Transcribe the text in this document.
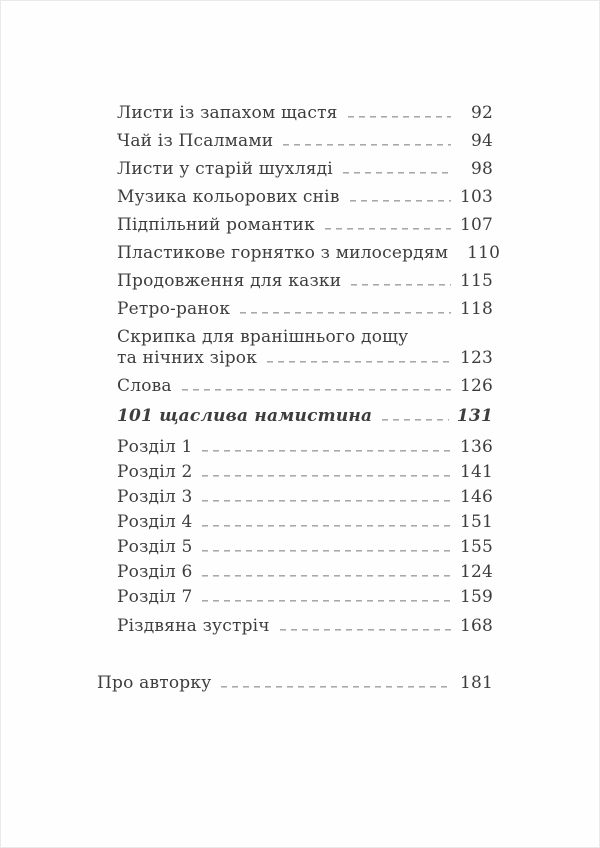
Листи із запахом щастя	92
Чай із Псалмами	94
Листи у старій шухляді	98
Музика кольорових снів	103
Підпільний романтик	107
Пластикове горнятко з милосердям 110
Продовження для казки	115
Ретро-ранок	118
Скрипка для вранішнього дощу
та нічних зірок	123
Слова	126
101 щаслива намистина	131
Розділ 1	136
Розділ 2	141
Розділ 3	146
Розділ 4	151
Розділ 5	155
Розділ 6	124
Розділ 7	159
Різдвяна зустріч	168
Про авторку	181
